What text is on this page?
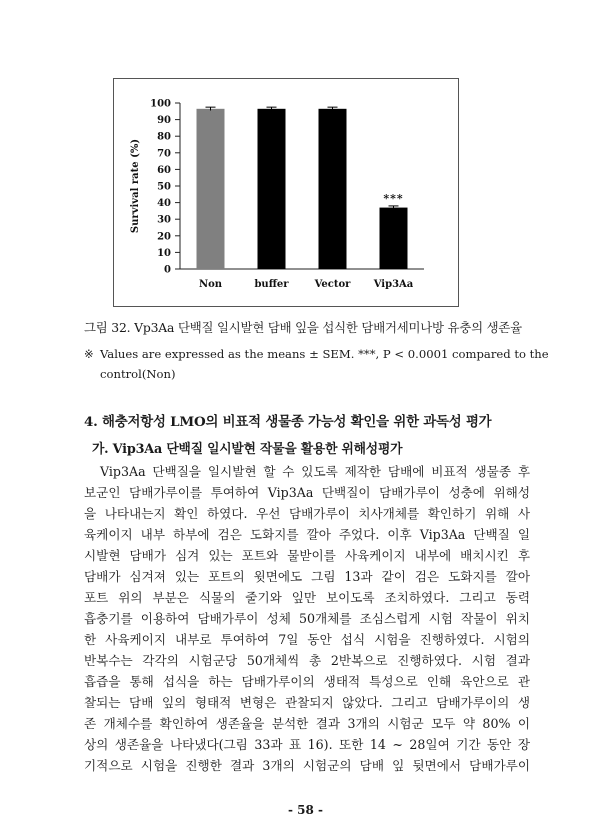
0
10
20
30
40
50
60
70
80
90
100
Survival rate (%)
Non	buffer	Vector Vip3Aa
***
그림 32. Vp3Aa 단백질 일시발현 담배 잎을 섭식한 담배거세미나방 유충의 생존율
※ Values are expressed as the means ± SEM. ***, P < 0.0001 compared to the
control(Non)
4. 해충저항성 LMO의 비표적 생물종 가능성 확인을 위한 과독성 평가
가. Vip3Aa 단백질 일시발현 작물을 활용한 위해성평가
Vip3Aa 단백질을 일시발현 할 수 있도록 제작한 담배에 비표적 생물종 후
보군인 담배가루이를 투여하여 Vip3Aa 단백질이 담배가루이 성충에 위해성
을 나타내는지 확인 하였다. 우선 담배가루이 치사개체를 확인하기 위해 사
육케이지 내부 하부에 검은 도화지를 깔아 주었다. 이후 Vip3Aa 단백질 일
시발현 담배가 심겨 있는 포트와 물받이를 사육케이지 내부에 배치시킨 후
담배가 심겨져 있는 포트의 윗면에도 그림 13과 같이 검은 도화지를 깔아
포트 위의 부분은 식물의 줄기와 잎만 보이도록 조치하였다. 그리고 동력
흡충기를 이용하여 담배가루이 성체 50개체를 조심스럽게 시험 작물이 위치
한 사육케이지 내부로 투여하여 7일 동안 섭식 시험을 진행하였다. 시험의
반복수는 각각의 시험군당 50개체씩 총 2반복으로 진행하였다. 시험 결과
흡즙을 통해 섭식을 하는 담배가루이의 생태적 특성으로 인해 육안으로 관
찰되는 담배 잎의 형태적 변형은 관찰되지 않았다. 그리고 담배가루이의 생
존 개체수를 확인하여 생존율을 분석한 결과 3개의 시험군 모두 약 80% 이
상의 생존율을 나타냈다(그림 33과 표 16). 또한 14 ~ 28일여 기간 동안 장
기적으로 시험을 진행한 결과 3개의 시험군의 담배 잎 뒷면에서 담배가루이
- 58 -
